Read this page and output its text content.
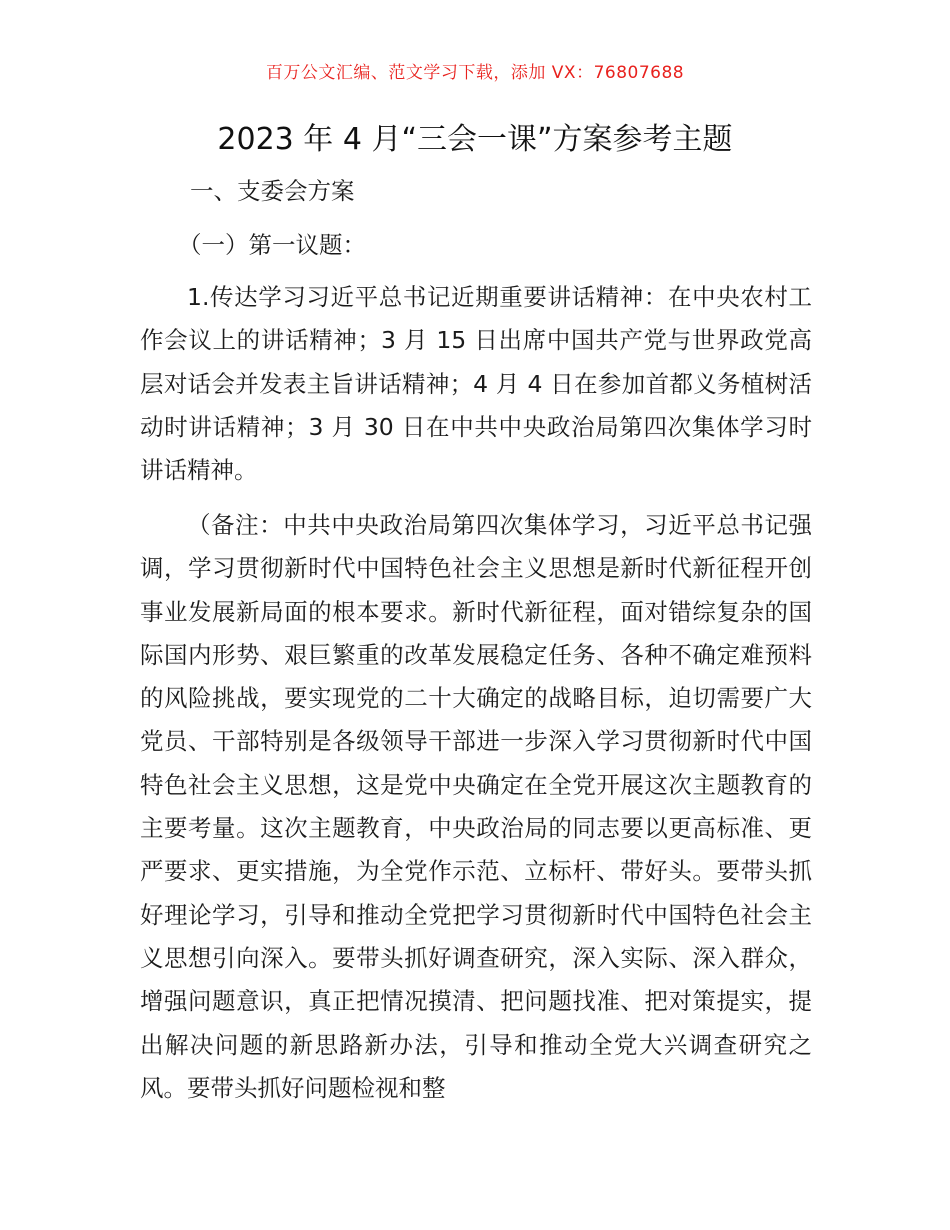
百万公文汇编、范文学习下载，添加 VX：76807688
2023 年 4 月“三会一课”方案参考主题
一、支委会方案
（一）第一议题：
1.传达学习习近平总书记近期重要讲话精神：在中央农村工作会议上的讲话精神；3 月 15 日出席中国共产党与世界政党高层对话会并发表主旨讲话精神；4 月 4 日在参加首都义务植树活动时讲话精神；3 月 30 日在中共中央政治局第四次集体学习时讲话精神。
（备注：中共中央政治局第四次集体学习，习近平总书记强调，学习贯彻新时代中国特色社会主义思想是新时代新征程开创事业发展新局面的根本要求。新时代新征程，面对错综复杂的国际国内形势、艰巨繁重的改革发展稳定任务、各种不确定难预料的风险挑战，要实现党的二十大确定的战略目标，迫切需要广大党员、干部特别是各级领导干部进一步深入学习贯彻新时代中国特色社会主义思想，这是党中央确定在全党开展这次主题教育的主要考量。这次主题教育，中央政治局的同志要以更高标准、更严要求、更实措施，为全党作示范、立标杆、带好头。要带头抓好理论学习，引导和推动全党把学习贯彻新时代中国特色社会主义思想引向深入。要带头抓好调查研究，深入实际、深入群众，增强问题意识，真正把情况摸清、把问题找准、把对策提实，提出解决问题的新思路新办法，引导和推动全党大兴调查研究之风。要带头抓好问题检视和整
